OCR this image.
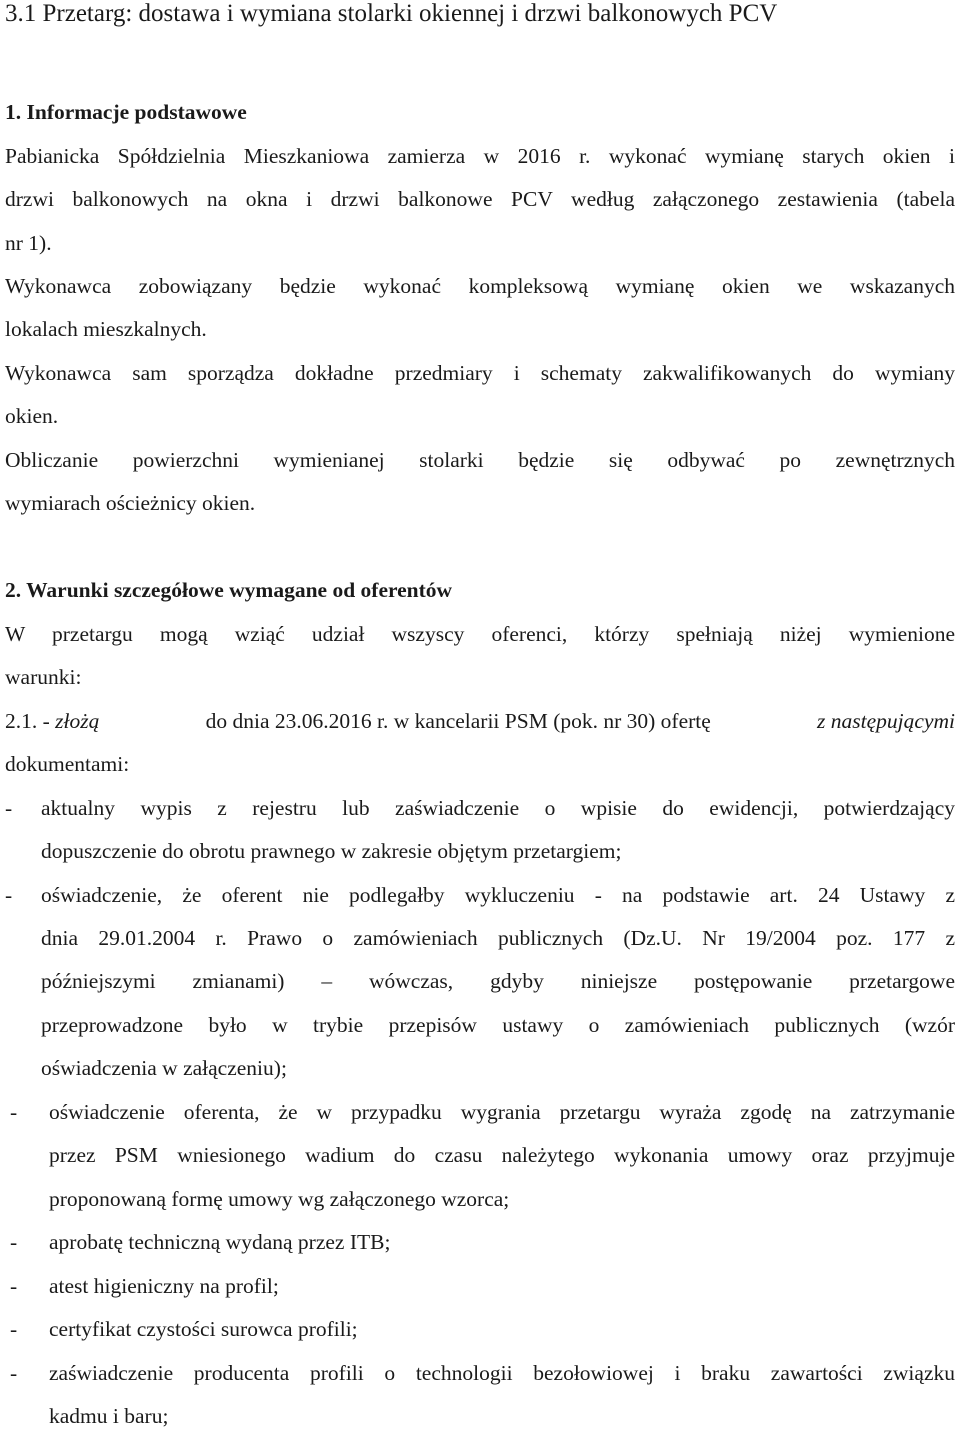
3.1 Przetarg: dostawa i wymiana stolarki okiennej i drzwi balkonowych PCV
1. Informacje podstawowe
Pabianicka Spółdzielnia Mieszkaniowa zamierza w 2016 r. wykonać wymianę starych okien i
drzwi balkonowych na okna i drzwi balkonowe PCV według załączonego zestawienia (tabela
nr 1).
Wykonawca zobowiązany będzie wykonać kompleksową wymianę okien we wskazanych
lokalach mieszkalnych.
Wykonawca sam sporządza dokładne przedmiary i schematy zakwalifikowanych do wymiany
okien.
Obliczanie powierzchni wymienianej stolarki będzie się odbywać po zewnętrznych
wymiarach ościeżnicy okien.
2. Warunki szczegółowe wymagane od oferentów
W przetargu mogą wziąć udział wszyscy oferenci, którzy spełniają niżej wymienione
warunki:
2.1. - złożą	do dnia 23.06.2016 r. w kancelarii PSM (pok. nr 30) ofertę	z następującymi
dokumentami:
- aktualny wypis z rejestru lub zaświadczenie o wpisie do ewidencji, potwierdzający
dopuszczenie do obrotu prawnego w zakresie objętym przetargiem;
- oświadczenie, że oferent nie podlegałby wykluczeniu - na podstawie art. 24 Ustawy z
dnia 29.01.2004 r. Prawo o zamówieniach publicznych (Dz.U. Nr 19/2004 poz. 177 z
późniejszymi zmianami) – wówczas, gdyby niniejsze postępowanie przetargowe
przeprowadzone było w trybie przepisów ustawy o zamówieniach publicznych (wzór
oświadczenia w załączeniu);
- oświadczenie oferenta, że w przypadku wygrania przetargu wyraża zgodę na zatrzymanie
przez PSM wniesionego wadium do czasu należytego wykonania umowy oraz przyjmuje
proponowaną formę umowy wg załączonego wzorca;
- aprobatę techniczną wydaną przez ITB;
- atest higieniczny na profil;
- certyfikat czystości surowca profili;
- zaświadczenie producenta profili o technologii bezołowiowej i braku zawartości związku
kadmu i baru;
